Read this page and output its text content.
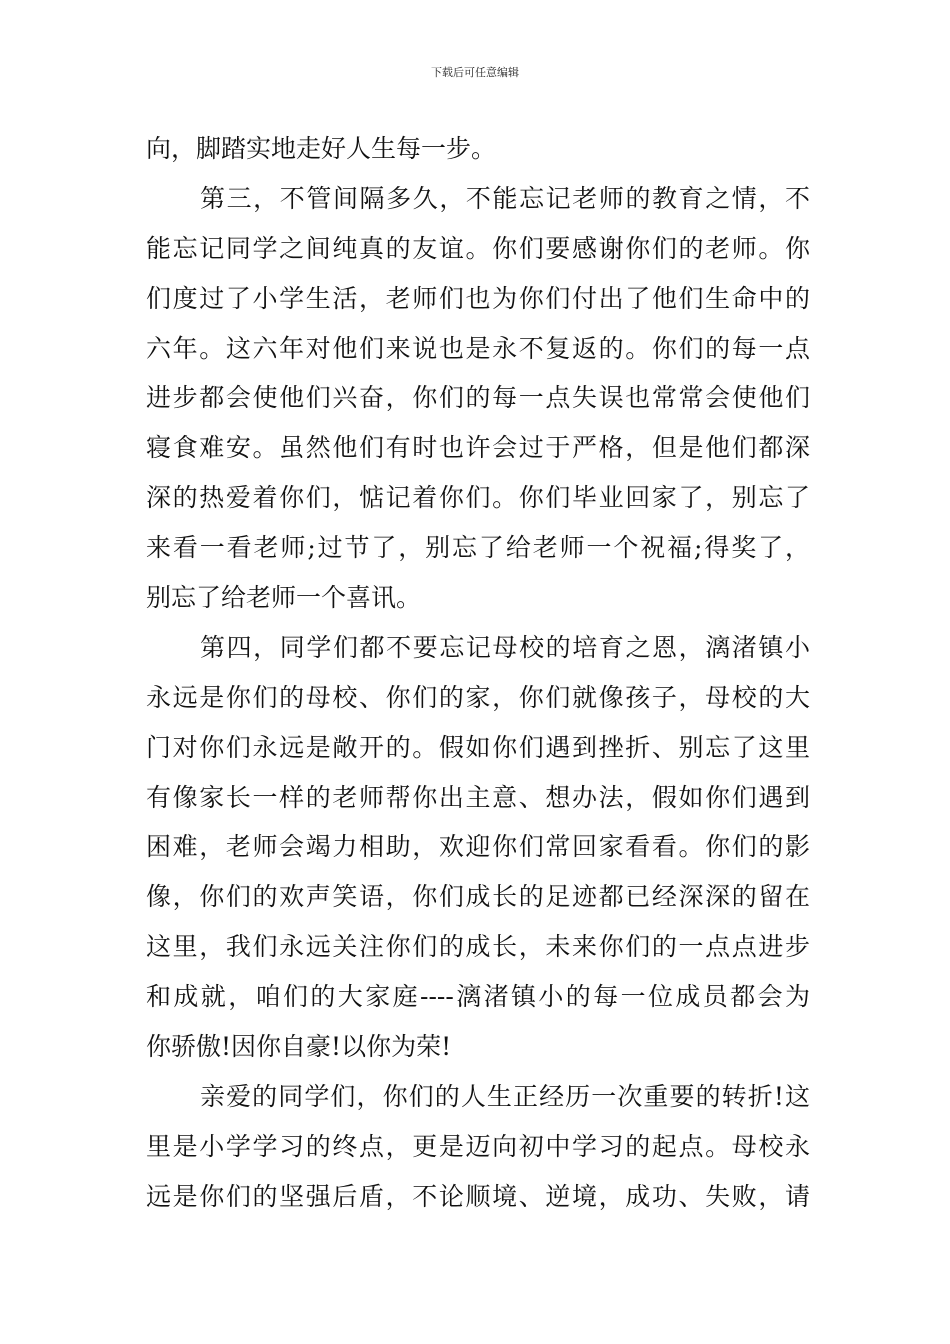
下载后可任意编辑
向，脚踏实地走好人生每一步。
第三，不管间隔多久，不能忘记老师的教育之情，不
能忘记同学之间纯真的友谊。你们要感谢你们的老师。你
们度过了小学生活，老师们也为你们付出了他们生命中的
六年。这六年对他们来说也是永不复返的。你们的每一点
进步都会使他们兴奋，你们的每一点失误也常常会使他们
寝食难安。虽然他们有时也许会过于严格，但是他们都深
深的热爱着你们，惦记着你们。你们毕业回家了，别忘了
来看一看老师;过节了，别忘了给老师一个祝福;得奖了，
别忘了给老师一个喜讯。
第四，同学们都不要忘记母校的培育之恩，漓渚镇小
永远是你们的母校、你们的家，你们就像孩子，母校的大
门对你们永远是敞开的。假如你们遇到挫折、别忘了这里
有像家长一样的老师帮你出主意、想办法，假如你们遇到
困难，老师会竭力相助，欢迎你们常回家看看。你们的影
像，你们的欢声笑语，你们成长的足迹都已经深深的留在
这里，我们永远关注你们的成长，未来你们的一点点进步
和成就，咱们的大家庭----漓渚镇小的每一位成员都会为
你骄傲!因你自豪!以你为荣!
亲爱的同学们，你们的人生正经历一次重要的转折!这
里是小学学习的终点，更是迈向初中学习的起点。母校永
远是你们的坚强后盾，不论顺境、逆境，成功、失败，请
